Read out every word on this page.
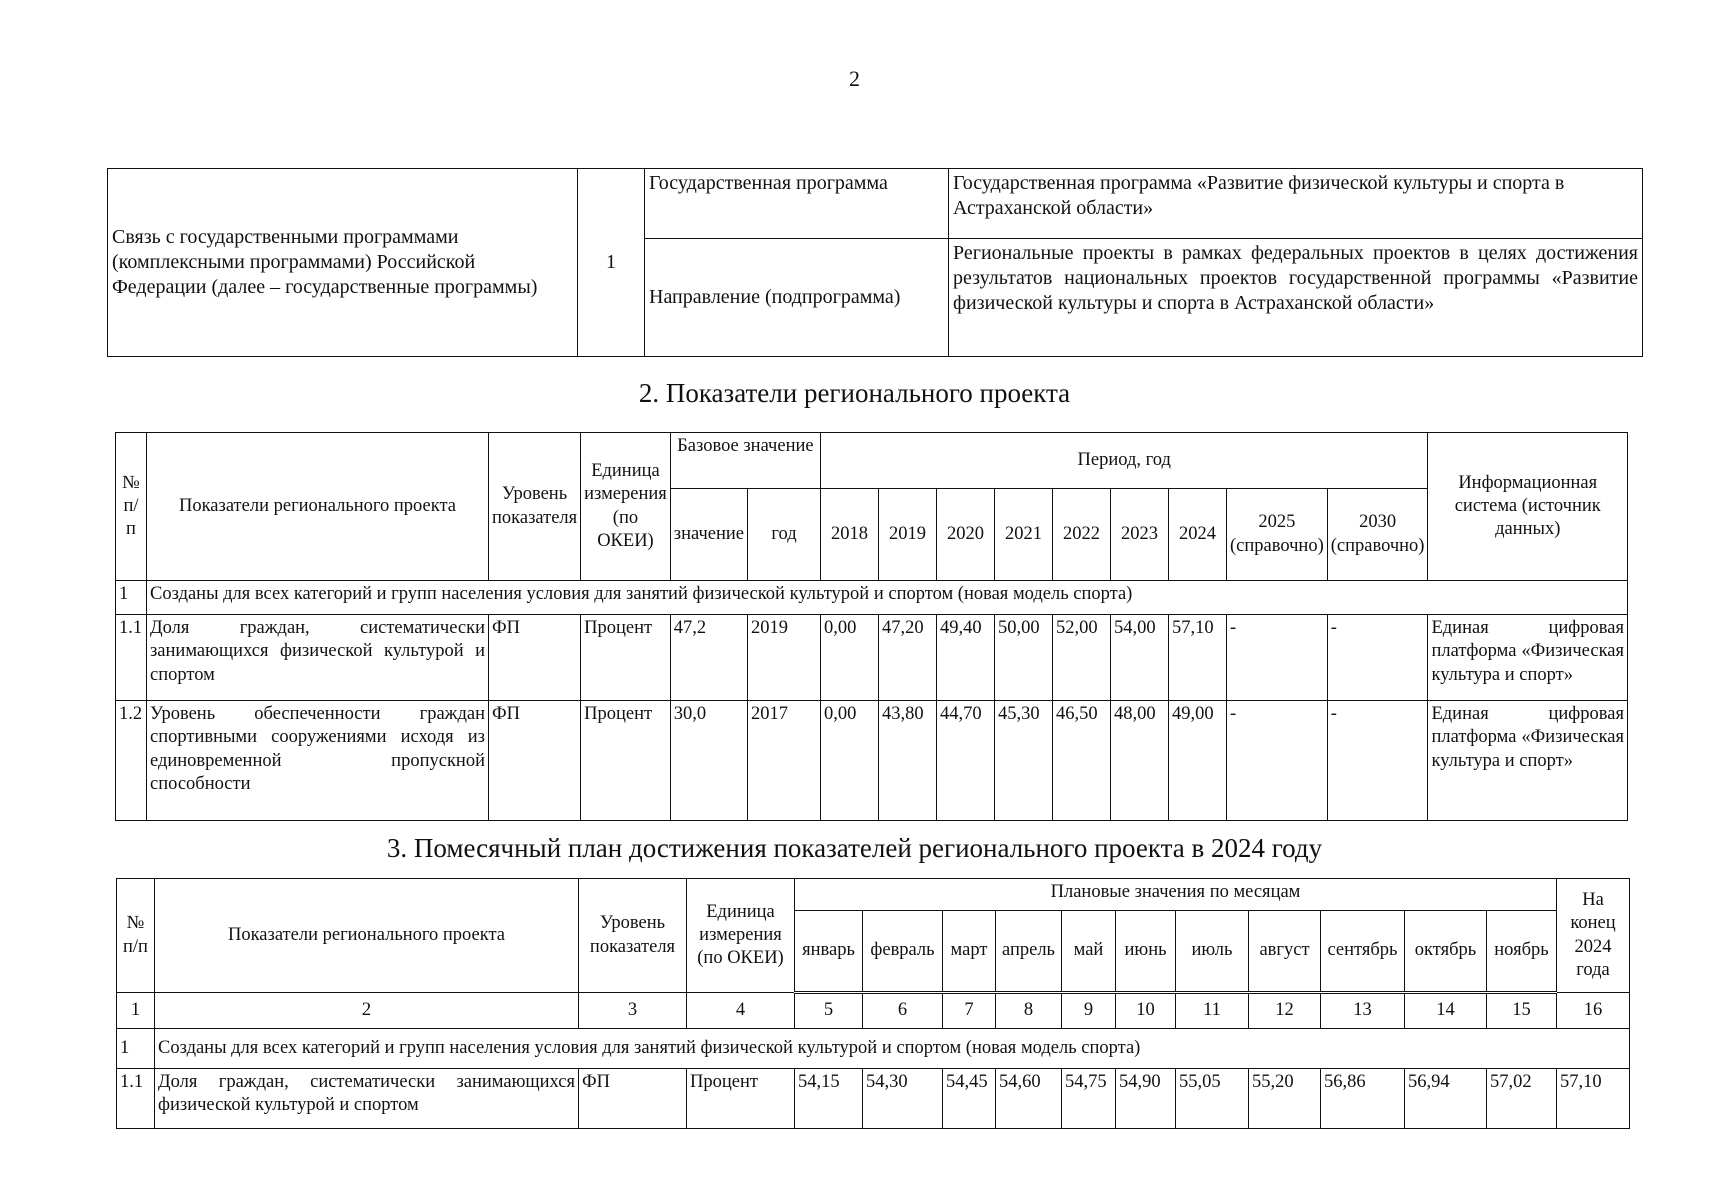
2
Связь с государственными программами (комплексными программами) Российской Федерации (далее – государственные программы)	1	Государственная программа	Государственная программа «Развитие физической культуры и спорта в Астраханской области»
		Направление (подпрограмма)	Региональные проекты в рамках федеральных проектов в целях достижения результатов национальных проектов государственной программы «Развитие физической культуры и спорта в Астраханской области»
2. Показатели регионального проекта
№ п/п	Показатели регионального проекта	Уровень показателя	Единица измерения (по ОКЕИ)	Базовое значение		Период, год									Информационная система (источник данных)
				значение	год	2018	2019	2020	2021	2022	2023	2024	2025 (справочно)	2030 (справочно)	
1	Созданы для всех категорий и групп населения условия для занятий физической культурой и спортом (новая модель спорта)														
1.1	Доля граждан, систематически занимающихся физической культурой и спортом	ФП	Процент	47,2	2019	0,00	47,20	49,40	50,00	52,00	54,00	57,10	-	-	Единая цифровая платформа «Физическая культура и спорт»
1.2	Уровень обеспеченности граждан спортивными сооружениями исходя из единовременной пропускной способности	ФП	Процент	30,0	2017	0,00	43,80	44,70	45,30	46,50	48,00	49,00	-	-	Единая цифровая платформа «Физическая культура и спорт»
3. Помесячный план достижения показателей регионального проекта в 2024 году
№ п/п	Показатели регионального проекта	Уровень показателя	Единица измерения (по ОКЕИ)	Плановые значения по месяцам											На конец 2024 года
				январь	февраль	март	апрель	май	июнь	июль	август	сентябрь	октябрь	ноябрь	
1	2	3	4	5	6	7	8	9	10	11	12	13	14	15	16
1	Созданы для всех категорий и групп населения условия для занятий физической культурой и спортом (новая модель спорта)														
1.1	Доля граждан, систематически занимающихся физической культурой и спортом	ФП	Процент	54,15	54,30	54,45	54,60	54,75	54,90	55,05	55,20	56,86	56,94	57,02	57,10
